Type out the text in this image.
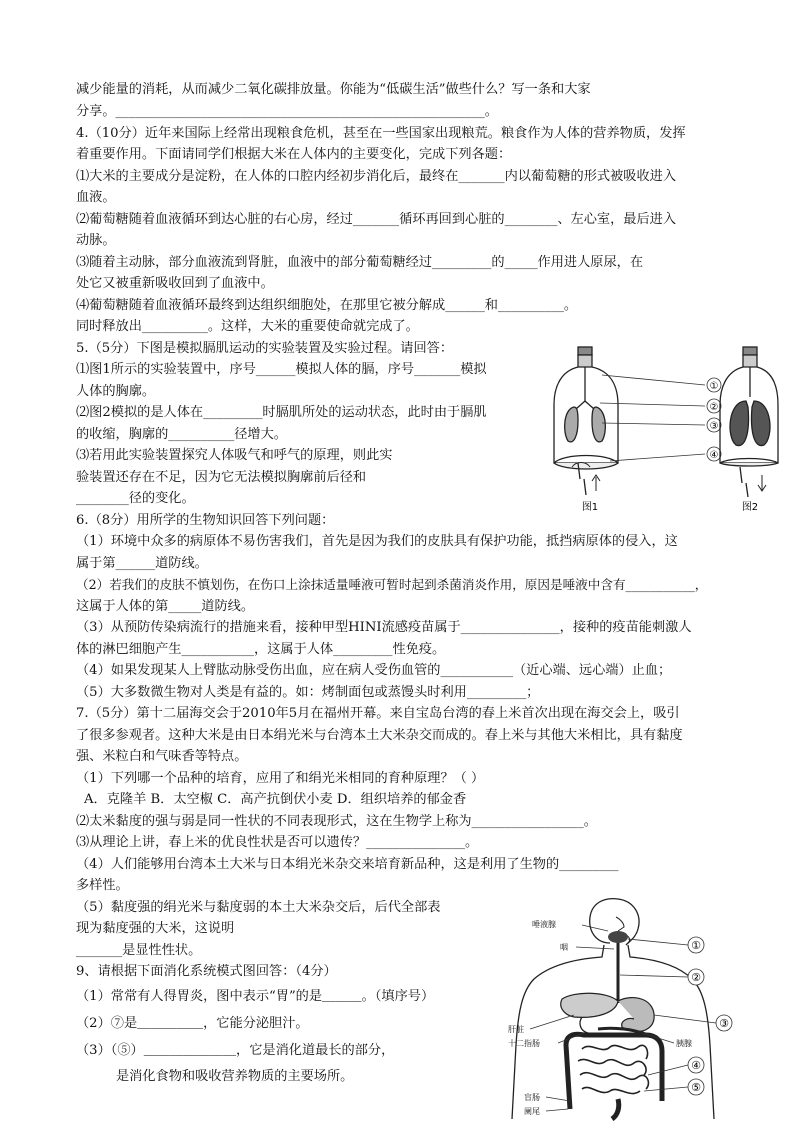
减少能量的消耗，从而减少二氧化碳排放量。你能为“低碳生活”做些什么？写一条和大家
分享。________________________________________________________。
4.（10分）近年来国际上经常出现粮食危机，甚至在一些国家出现粮荒。粮食作为人体的营养物质，发挥
着重要作用。下面请同学们根据大米在人体内的主要变化，完成下列各题：
⑴大米的主要成分是淀粉，在人体的口腔内经初步消化后，最终在_______内以葡萄糖的形式被吸收进入
血液。
⑵葡萄糖随着血液循环到达心脏的右心房，经过_______循环再回到心脏的________、左心室，最后进入
动脉。
⑶随着主动脉，部分血液流到肾脏，血液中的部分葡萄糖经过_________的_____作用进人原尿，在
处它又被重新吸收回到了血液中。
⑷葡萄糖随着血液循环最终到达组织细胞处，在那里它被分解成______和__________。
同时释放出__________。这样，大米的重要使命就完成了。
5.（5分）下图是模拟膈肌运动的实验装置及实验过程。请回答：
⑴图1所示的实验装置中，序号______模拟人体的膈，序号_______模拟
人体的胸廓。
⑵图2模拟的是人体在_________时膈肌所处的运动状态，此时由于膈肌
的收缩，胸廓的__________径增大。
⑶若用此实验装置探究人体吸气和呼气的原理，则此实
验装置还存在不足，因为它无法模拟胸廓前后径和
________径的变化。
6.（8分）用所学的生物知识回答下列问题：
（1）环境中众多的病原体不易伤害我们，首先是因为我们的皮肤具有保护功能，抵挡病原体的侵入，这
属于第______道防线。
（2）若我们的皮肤不慎划伤，在伤口上涂抹适量唾液可暂时起到杀菌消炎作用，原因是唾液中含有___________，
这属于人体的第_____道防线。
（3）从预防传染病流行的措施来看，接种甲型HINI流感疫苗属于_______________，接种的疫苗能刺激人
体的淋巴细胞产生___________，这属于人体_________性免疫。
（4）如果发现某人上臂肱动脉受伤出血，应在病人受伤血管的___________（近心端、远心端）止血；
（5）大多数微生物对人类是有益的。如：烤制面包或蒸馒头时利用_________；
7.（5分）第十二届海交会于2010年5月在福州开幕。来自宝岛台湾的春上米首次出现在海交会上，吸引
了很多参观者。这种大米是由日本绢光米与台湾本土大米杂交而成的。春上米与其他大米相比，具有黏度
强、米粒白和气味香等特点。
（1）下列哪一个品种的培育，应用了和绢光米相同的育种原理？（ ）
A．克隆羊 B．太空椒 C．高产抗倒伏小麦 D．组织培养的郁金香
⑵太米黏度的强与弱是同一性状的不同表现形式，这在生物学上称为_________________。
⑶从理论上讲，春上米的优良性状是否可以遗传？_______________。
（4）人们能够用台湾本土大米与日本绢光米杂交来培育新品种，这是利用了生物的_________
多样性。
（5）黏度强的绢光米与黏度弱的本土大米杂交后，后代全部表
现为黏度强的大米，这说明
_______是显性性状。
9、请根据下面消化系统模式图回答：（4分）
（1）常常有人得胃炎，图中表示“胃”的是＿＿＿。（填序号）
（2）⑦是＿＿＿＿＿，它能分泌胆汁。
（3）（⑤）＿＿＿＿＿＿＿，它是消化道最长的部分，
是消化食物和吸收营养物质的主要场所。
①
②
③
④
图1	图2
唾液腺
咽
肝脏
十二指肠	胰腺
盲肠
阑尾
①
②
③
④
⑤
